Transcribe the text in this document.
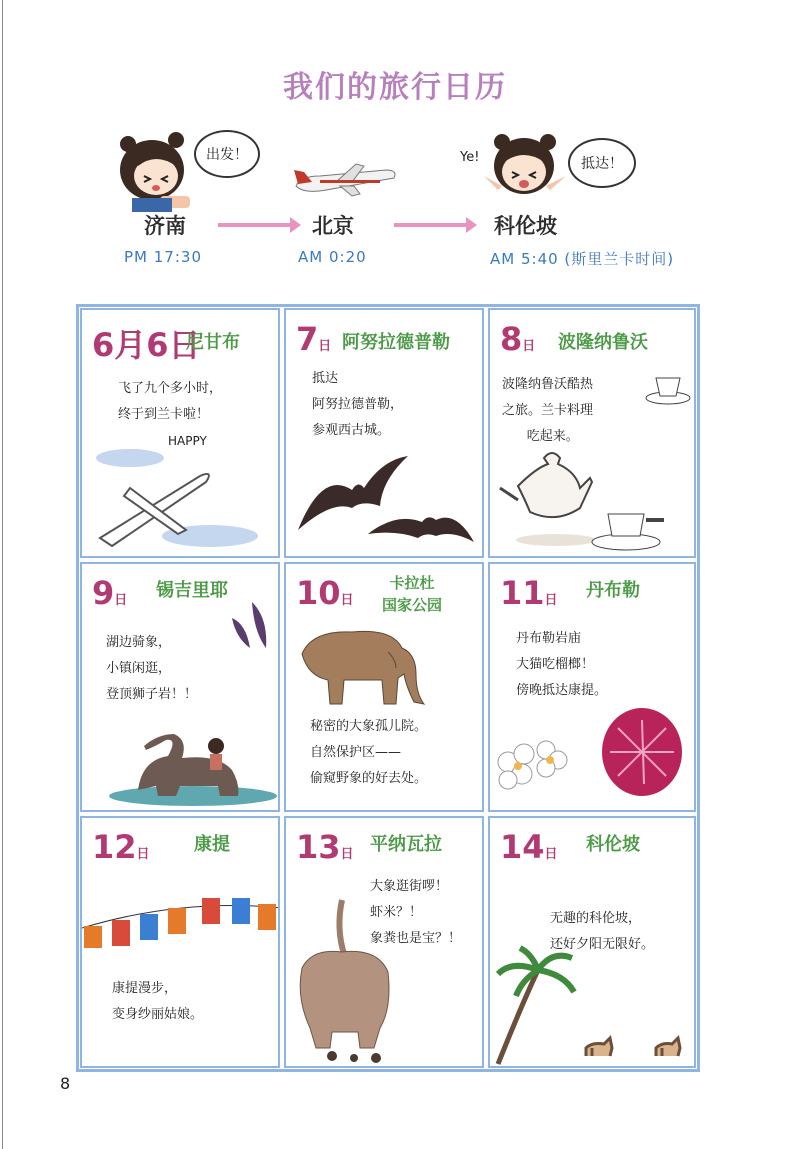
我们的旅行日历
出发！	Ye!	抵达！
济南	北京	科伦坡
PM 17:30	AM 0:20	AM 5:40 (斯里兰卡时间)
6月6日
尼甘布
飞了九个多小时，
终于到兰卡啦！
HAPPY
7日 阿努拉德普勒
抵达
阿努拉德普勒，
参观西古城。
8日 波隆纳鲁沃
波隆纳鲁沃酷热
之旅。兰卡料理
吃起来。
9日 锡吉里耶
湖边骑象，
小镇闲逛，
登顶狮子岩！！
10日
卡拉杜
国家公园
秘密的大象孤儿院。
自然保护区——
偷窥野象的好去处。
11日 丹布勒
丹布勒岩庙
大猫吃榴榔！
傍晚抵达康提。
12日 康提
康提漫步，
变身纱丽姑娘。
13日 平纳瓦拉
大象逛街啰！
虾米？！
象粪也是宝？！
14日 科伦坡
无趣的科伦坡，
还好夕阳无限好。
8
